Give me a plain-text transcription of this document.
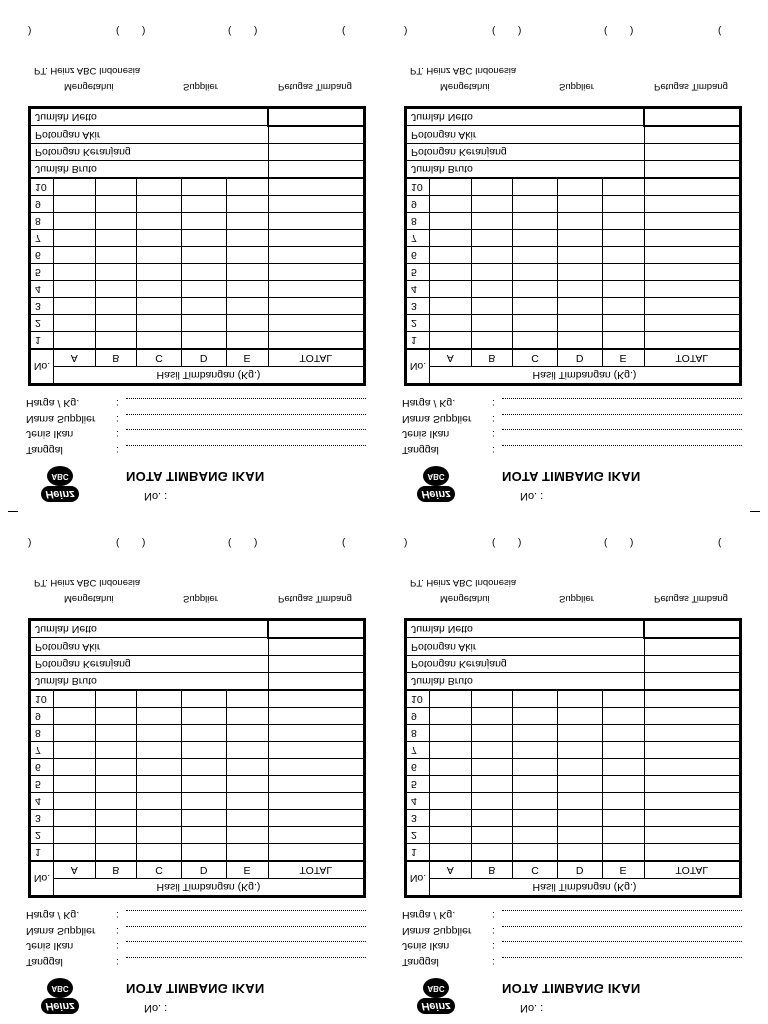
Heinz
ABC
No. :
NOTA TIMBANG IKAN
Tanggal	:
Jenis Ikan	:
Nama Supplier :
Harga / Kg.	:
No.	Hasil Timbangan (Kg.)					
	A	B	C	D	E	TOTAL
1						
2						
3						
4						
5						
6						
7						
8						
9						
10						
Jumlah Bruto						
Potongan Keranjang						
Potongan Akir						
Jumlah Netto						
Petugas Timbang
Supplier
Mengetahui
PT. Heinz ABC Indonesia
)	( )	( )	(
Heinz
ABC
No. :
NOTA TIMBANG IKAN
Tanggal	:
Jenis Ikan	:
Nama Supplier :
Harga / Kg.	:
No.	Hasil Timbangan (Kg.)					
	A	B	C	D	E	TOTAL
1						
2						
3						
4						
5						
6						
7						
8						
9						
10						
Jumlah Bruto						
Potongan Keranjang						
Potongan Akir						
Jumlah Netto						
Petugas Timbang
Supplier
Mengetahui
PT. Heinz ABC Indonesia
)	( )	( )	(
Heinz
ABC
No. :
NOTA TIMBANG IKAN
Tanggal	:
Jenis Ikan	:
Nama Supplier :
Harga / Kg.	:
No.	Hasil Timbangan (Kg.)					
	A	B	C	D	E	TOTAL
1						
2						
3						
4						
5						
6						
7						
8						
9						
10						
Jumlah Bruto						
Potongan Keranjang						
Potongan Akir						
Jumlah Netto						
Petugas Timbang
Supplier
Mengetahui
PT. Heinz ABC Indonesia
)	( )	( )	(
Heinz
ABC
No. :
NOTA TIMBANG IKAN
Tanggal	:
Jenis Ikan	:
Nama Supplier :
Harga / Kg.	:
No.	Hasil Timbangan (Kg.)					
	A	B	C	D	E	TOTAL
1						
2						
3						
4						
5						
6						
7						
8						
9						
10						
Jumlah Bruto						
Potongan Keranjang						
Potongan Akir						
Jumlah Netto						
Petugas Timbang
Supplier
Mengetahui
PT. Heinz ABC Indonesia
)	( )	( )	(
